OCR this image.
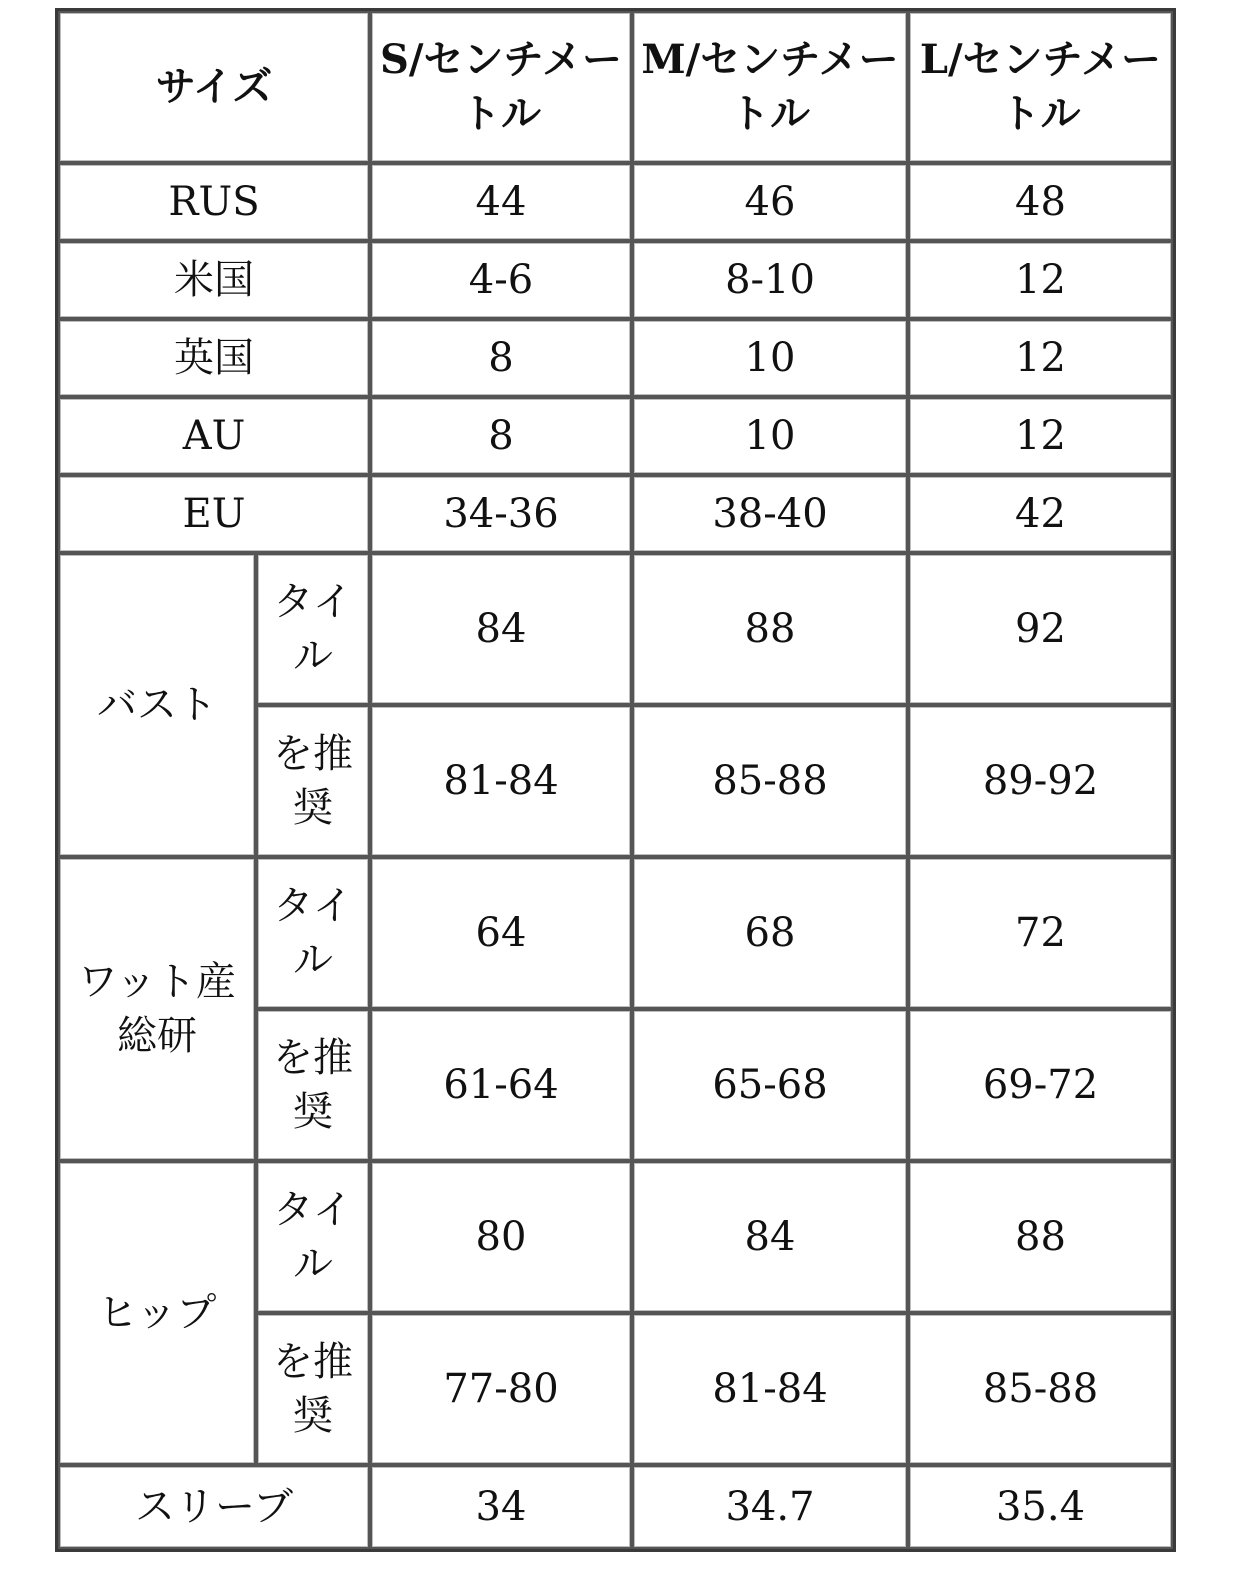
サイズ		S/センチメートル	M/センチメートル	L/センチメートル
RUS		44	46	48
米国		4-6	8-10	12
英国		8	10	12
AU		8	10	12
EU		34-36	38-40	42
バスト	タイル	84	88	92
	を推奨	81-84	85-88	89-92
ワット産総研	タイル	64	68	72
	を推奨	61-64	65-68	69-72
ヒップ	タイル	80	84	88
	を推奨	77-80	81-84	85-88
スリーブ		34	34.7	35.4
